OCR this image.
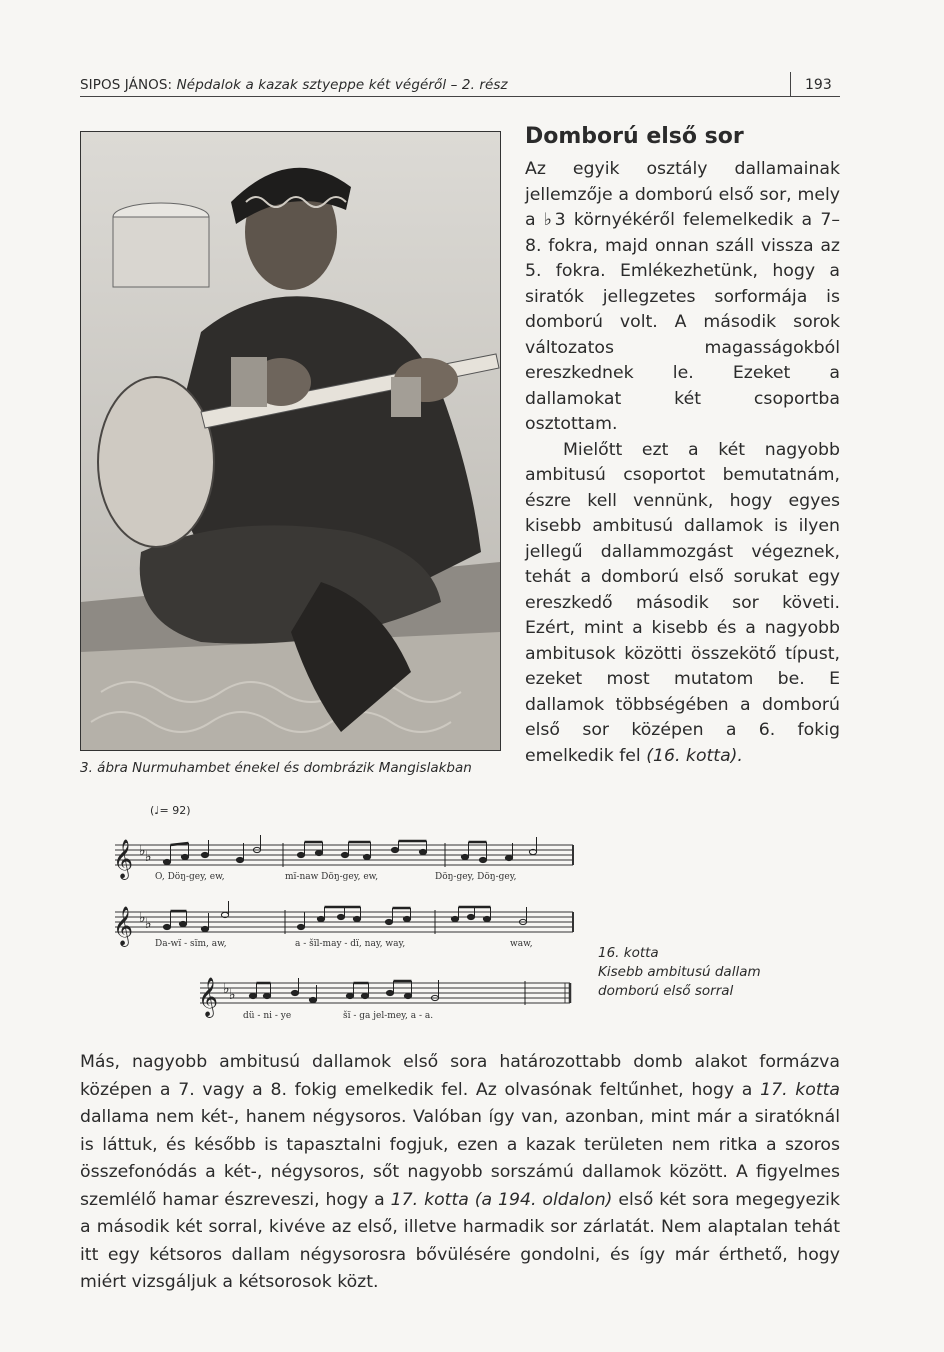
SIPOS JÁNOS: Népdalok a kazak sztyeppe két végéről – 2. rész	193
3. ábra Nurmuhambet énekel és dombrázik Mangislakban
Domború első sor

Az egyik osztály dallamainak jellemzője a domború első sor, mely a ♭3 környékéről felemelkedik a 7–8. fokra, majd onnan száll vissza az 5. fokra. Emlékezhetünk, hogy a siratók jellegzetes sorformája is domború volt. A második sorok változatos magasságokból ereszkednek le. Ezeket a dallamokat két csoportba osztottam.

Mielőtt ezt a két nagyobb ambitusú csoportot bemutatnám, észre kell vennünk, hogy egyes kisebb ambitusú dallamok is ilyen jellegű dallammozgást végeznek, tehát a domború első sorukat egy ereszkedő második sor követi. Ezért, mint a kisebb és a nagyobb ambitusok közötti összekötő típust, ezeket most mutatom be. E dallamok többségében a domború első sor középen a 6. fokig emelkedik fel (16. kotta).

(♩= 92)
𝄞
𝄞
𝄞
♭ ♭
♭ ♭
♭ ♭
O, Döŋ-gey, ew,	mï-naw Döŋ-gey, ew,	Döŋ-gey, Döŋ-gey,
Da-wï - sïm, aw,	a - šïl-may - dï, nay, way,	waw,
dü - ni - ye	šï - ga jel-mey, a - a.
16. kotta
Kisebb ambitusú dallam
domború első sorral

Más, nagyobb ambitusú dallamok első sora határozottabb domb alakot formázva középen a 7. vagy a 8. fokig emelkedik fel. Az olvasónak feltűnhet, hogy a 17. kotta dallama nem két-, hanem négysoros. Valóban így van, azonban, mint már a siratóknál is láttuk, és később is tapasztalni fogjuk, ezen a kazak területen nem ritka a szoros összefonódás a két-, négysoros, sőt nagyobb sorszámú dallamok között. A figyelmes szemlélő hamar észreveszi, hogy a 17. kotta (a 194. oldalon) első két sora megegyezik a második két sorral, kivéve az első, illetve harmadik sor zárlatát. Nem alaptalan tehát itt egy kétsoros dallam négysorosra bővülésére gondolni, és így már érthető, hogy miért vizsgáljuk a kétsorosok közt.
